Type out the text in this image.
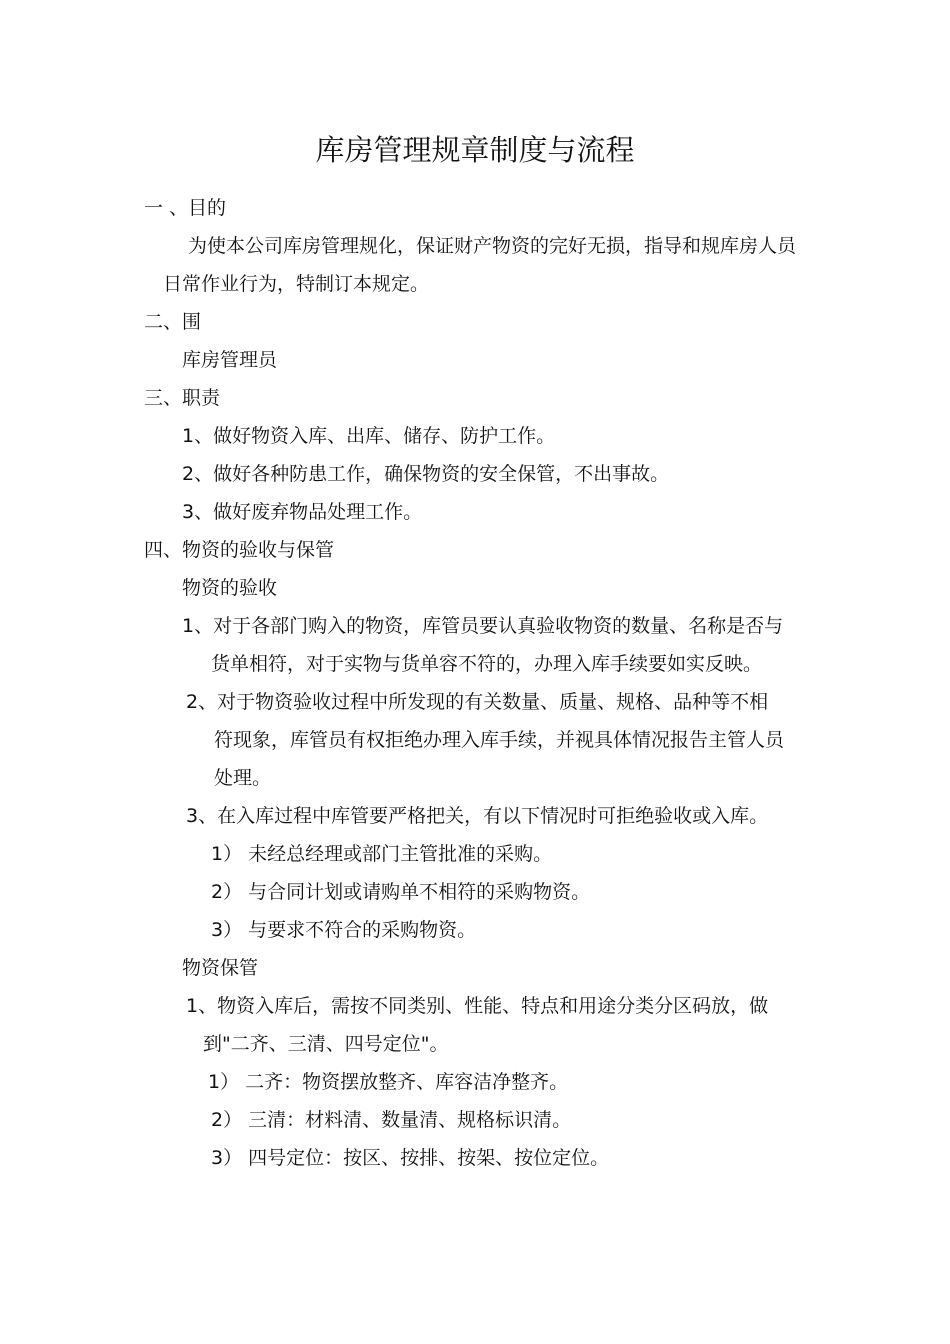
库房管理规章制度与流程
一 、目的
为使本公司库房管理规化，保证财产物资的完好无损，指导和规库房人员
日常作业行为，特制订本规定。
二、围
库房管理员
三、职责
1、做好物资入库、出库、储存、防护工作。
2、做好各种防患工作，确保物资的安全保管，不出事故。
3、做好废弃物品处理工作。
四、物资的验收与保管
物资的验收
1、对于各部门购入的物资，库管员要认真验收物资的数量、名称是否与
货单相符，对于实物与货单容不符的，办理入库手续要如实反映。
2、对于物资验收过程中所发现的有关数量、质量、规格、品种等不相
符现象，库管员有权拒绝办理入库手续，并视具体情况报告主管人员
处理。
3、在入库过程中库管要严格把关，有以下情况时可拒绝验收或入库。
1） 未经总经理或部门主管批准的采购。
2） 与合同计划或请购单不相符的采购物资。
3） 与要求不符合的采购物资。
物资保管
1、物资入库后，需按不同类别、性能、特点和用途分类分区码放，做
到"二齐、三清、四号定位"。
1） 二齐：物资摆放整齐、库容洁净整齐。
2） 三清：材料清、数量清、规格标识清。
3） 四号定位：按区、按排、按架、按位定位。
